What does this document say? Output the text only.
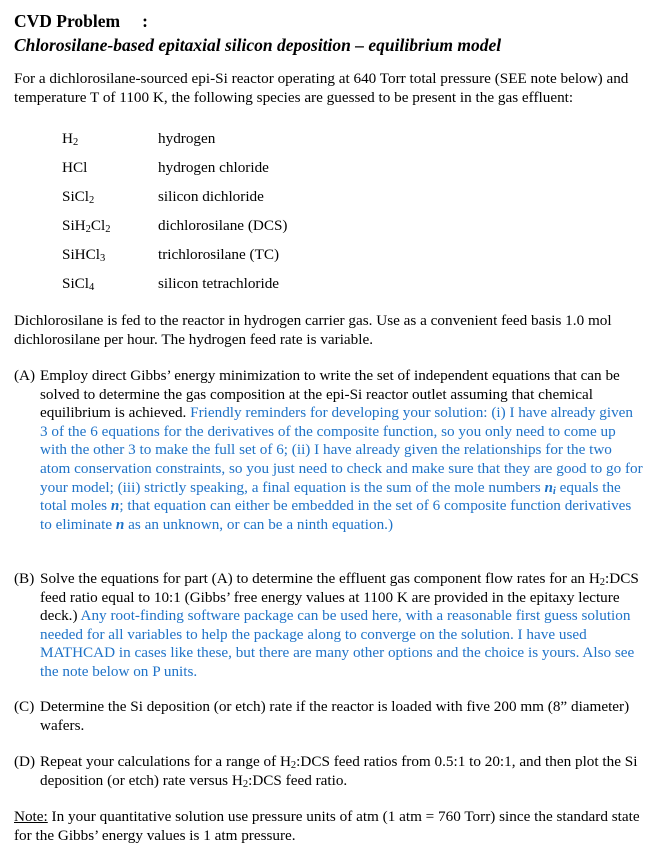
CVD Problem :
Chlorosilane-based epitaxial silicon deposition – equilibrium model
For a dichlorosilane-sourced epi-Si reactor operating at 640 Torr total pressure (SEE note below) and temperature T of 1100 K, the following species are guessed to be present in the gas effluent:
$H_2$	hydrogen
HCl	hydrogen chloride
SiCl$_2$	silicon dichloride
$SiH_2Cl_2$	dichlorosilane (DCS)
SiHCl$_3$	trichlorosilane (TC)
SiCl$_4$	silicon tetrachloride
Dichlorosilane is fed to the reactor in hydrogen carrier gas. Use as a convenient feed basis 1.0 mol dichlorosilane per hour. The hydrogen feed rate is variable.
(A) Employ direct Gibbs’ energy minimization to write the set of independent equations that can be solved to determine the gas composition at the epi-Si reactor outlet assuming that chemical equilibrium is achieved. Friendly reminders for developing your solution: (i) I have already given 3 of the 6 equations for the derivatives of the composite function, so you only need to come up with the other 3 to make the full set of 6; (ii) I have already given the relationships for the two atom conservation constraints, so you just need to check and make sure that they are good to go for your model; (iii) strictly speaking, a final equation is the sum of the mole numbers $n_i$ equals the total moles n; that equation can either be embedded in the set of 6 composite function derivatives to eliminate n as an unknown, or can be a ninth equation.)
(B) Solve the equations for part (A) to determine the effluent gas component flow rates for an $H_2:DCS$ feed ratio equal to 10:1 (Gibbs’ free energy values at 1100 K are provided in the epitaxy lecture deck.) Any root-finding software package can be used here, with a reasonable first guess solution needed for all variables to help the package along to converge on the solution. I have used MATHCAD in cases like these, but there are many other options and the choice is yours. Also see the note below on P units.
(C) Determine the Si deposition (or etch) rate if the reactor is loaded with five 200 mm (8” diameter) wafers.
(D) Repeat your calculations for a range of $H_2:DCS$ feed ratios from 0.5:1 to 20:1, and then plot the Si deposition (or etch) rate versus $H_2:DCS$ feed ratio.
Note: In your quantitative solution use pressure units of atm (1 atm = 760 Torr) since the standard state for the Gibbs’ energy values is 1 atm pressure.
